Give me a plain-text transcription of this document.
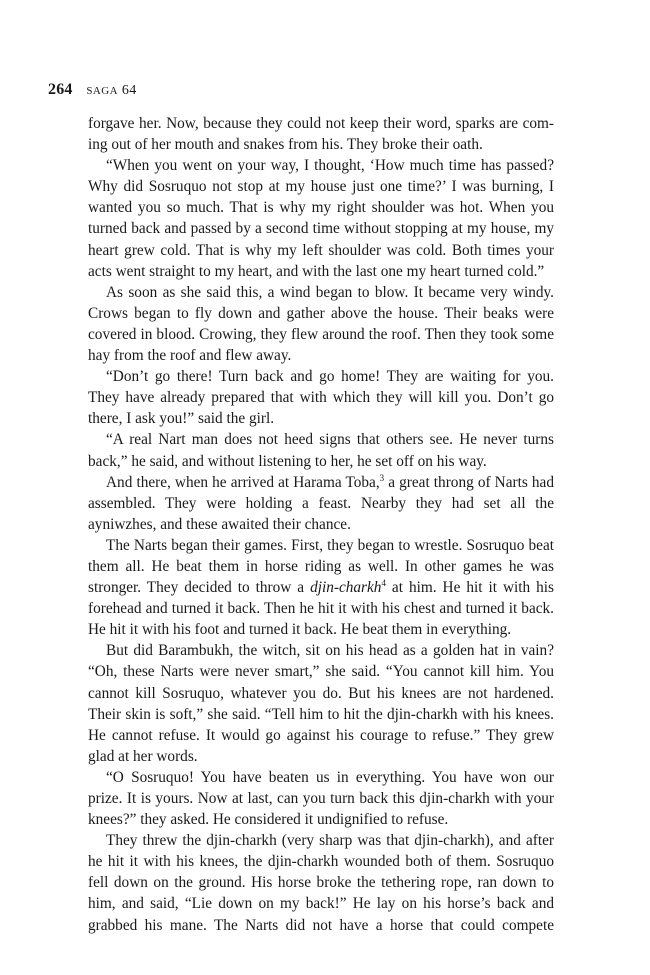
264 saga 64

forgave her. Now, because they could not keep their word, sparks are com-ing out of her mouth and snakes from his. They broke their oath.

“When you went on your way, I thought, ‘How much time has passed? Why did Sosruquo not stop at my house just one time?’ I was burning, I wanted you so much. That is why my right shoulder was hot. When you turned back and passed by a second time without stopping at my house, my heart grew cold. That is why my left shoulder was cold. Both times your acts went straight to my heart, and with the last one my heart turned cold.”

As soon as she said this, a wind began to blow. It became very windy. Crows began to fly down and gather above the house. Their beaks were covered in blood. Crowing, they flew around the roof. Then they took some hay from the roof and flew away.

“Don’t go there! Turn back and go home! They are waiting for you. They have already prepared that with which they will kill you. Don’t go there, I ask you!” said the girl.

“A real Nart man does not heed signs that others see. He never turns back,” he said, and without listening to her, he set off on his way.

And there, when he arrived at Harama Toba,$^3$ a great throng of Narts had assembled. They were holding a feast. Nearby they had set all the ayniwzhes, and these awaited their chance.

The Narts began their games. First, they began to wrestle. Sosruquo beat them all. He beat them in horse riding as well. In other games he was stronger. They decided to throw a djin-charkh$^4$ at him. He hit it with his forehead and turned it back. Then he hit it with his chest and turned it back. He hit it with his foot and turned it back. He beat them in everything.

But did Barambukh, the witch, sit on his head as a golden hat in vain? “Oh, these Narts were never smart,” she said. “You cannot kill him. You cannot kill Sosruquo, whatever you do. But his knees are not hardened. Their skin is soft,” she said. “Tell him to hit the djin-charkh with his knees. He cannot refuse. It would go against his courage to refuse.” They grew glad at her words.

“O Sosruquo! You have beaten us in everything. You have won our prize. It is yours. Now at last, can you turn back this djin-charkh with your knees?” they asked. He considered it undignified to refuse.

They threw the djin-charkh (very sharp was that djin-charkh), and after he hit it with his knees, the djin-charkh wounded both of them. Sosruquo fell down on the ground. His horse broke the tethering rope, ran down to him, and said, “Lie down on my back!” He lay on his horse’s back and grabbed his mane. The Narts did not have a horse that could compete
